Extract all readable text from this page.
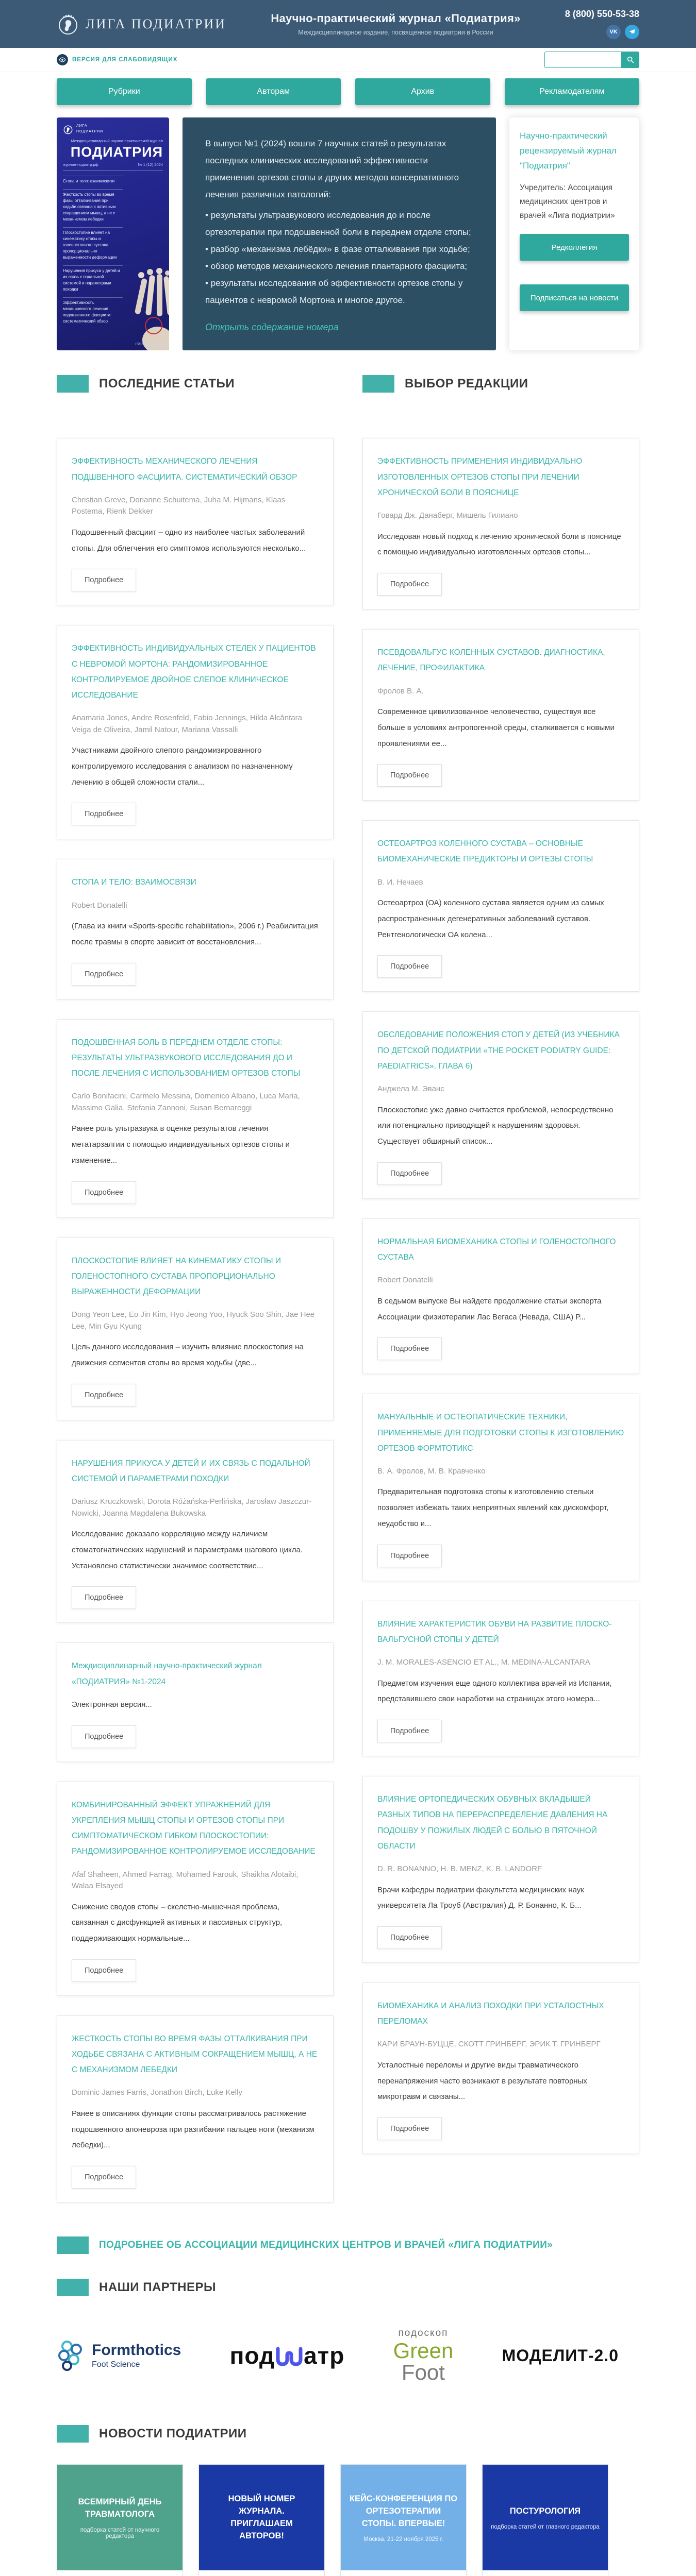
ЛИГА ПОДИАТРИИ	Научно-практический журнал «Подиатрия»
Междисциплинарное издание, посвященное подиатрии в России
8 (800) 550-53-38
VK
ВЕРСИЯ ДЛЯ СЛАБОВИДЯЩИХ
Рубрики	Авторам	Архив	Рекламодателям
ЛИГА ПОДИАТРИИ
Междисциплинарный научно-практический журнал
ПОДИАТРИЯ
журнал-подиатр.рф	№ 1 (12) 2024
Стопа и тело: взаимосвязи
Жесткость стопы во время фазы отталкивания при ходьбе связана с активным сокращением мышц, а не с механизмом лебедки
Плоскостопие влияет на кинематику стопы и голеностопного сустава пропорционально выраженности деформации
Нарушения прикуса у детей и их связь с подальной системой и параметрами походки
Эффективность механического лечения подошвенного фасциита: систематический обзор
ISSN 2309-4303

В выпуск №1 (2024) вошли 7 научных статей о результатах последних клинических исследований эффективности применения ортезов стопы и других методов консервативного лечения различных патологий:

• результаты ультразвукового исследования до и после ортезотерапии при подошвенной боли в переднем отделе стопы;
• разбор «механизма лебёдки» в фазе отталкивания при ходьбе;
• обзор методов механического лечения плантарного фасциита;
• результаты исследования об эффективности ортезов стопы у пациентов с невромой Мортона и многое другое.
Открыть содержание номера
Научно-практический рецензируемый журнал "Подиатрия"

Учредитель: Ассоциация медицинских центров и врачей «Лига подиатрии»

Редколлегия
Подписаться на новости
ПОСЛЕДНИЕ СТАТЬИ
ЭФФЕКТИВНОСТЬ МЕХАНИЧЕСКОГО ЛЕЧЕНИЯ ПОДШВЕННОГО ФАСЦИИТА. СИСТЕМАТИЧЕСКИЙ ОБЗОР

Christian Greve, Dorianne Schuitema, Juha M. Hijmans, Klaas Postema, Rienk Dekker

Подошвенный фасциит – одно из наиболее частых заболеваний стопы. Для облегчения его симптомов используются несколько...

Подробнее
ЭФФЕКТИВНОСТЬ ИНДИВИДУАЛЬНЫХ СТЕЛЕК У ПАЦИЕНТОВ С НЕВРОМОЙ МОРТОНА: РАНДОМИЗИРОВАННОЕ КОНТРОЛИРУЕМОЕ ДВОЙНОЕ СЛЕПОЕ КЛИНИЧЕСКОЕ ИССЛЕДОВАНИЕ

Anamaria Jones, Andre Rosenfeld, Fabio Jennings, Hilda Alcântara Veiga de Oliveira, Jamil Natour, Mariana Vassalli

Участниками двойного слепого рандомизированного контролируемого исследования с анализом по назначенному лечению в общей сложности стали...

Подробнее
СТОПА И ТЕЛО: ВЗАИМОСВЯЗИ

Robert Donatelli

(Глава из книги «Sports-specific rehabilitation», 2006 г.) Реабилитация после травмы в спорте зависит от восстановления...

Подробнее
ПОДОШВЕННАЯ БОЛЬ В ПЕРЕДНЕМ ОТДЕЛЕ СТОПЫ: РЕЗУЛЬТАТЫ УЛЬТРАЗВУКОВОГО ИССЛЕДОВАНИЯ ДО И ПОСЛЕ ЛЕЧЕНИЯ С ИСПОЛЬЗОВАНИЕМ ОРТЕЗОВ СТОПЫ

Carlo Bonifacini, Carmelo Messina, Domenico Albano, Luca Maria, Massimo Galia, Stefania Zannoni, Susan Bernareggi

Ранее роль ультразвука в оценке результатов лечения метатарзалгии с помощью индивидуальных ортезов стопы и изменение...

Подробнее
ПЛОСКОСТОПИЕ ВЛИЯЕТ НА КИНЕМАТИКУ СТОПЫ И ГОЛЕНОСТОПНОГО СУСТАВА ПРОПОРЦИОНАЛЬНО ВЫРАЖЕННОСТИ ДЕФОРМАЦИИ

Dong Yeon Lee, Eo Jin Kim, Hyo Jeong Yoo, Hyuck Soo Shin, Jae Hee Lee, Min Gyu Kyung

Цель данного исследования – изучить влияние плоскостопия на движения сегментов стопы во время ходьбы (две...

Подробнее
НАРУШЕНИЯ ПРИКУСА У ДЕТЕЙ И ИХ СВЯЗЬ С ПОДАЛЬНОЙ СИСТЕМОЙ И ПАРАМЕТРАМИ ПОХОДКИ

Dariusz Kruczkowski, Dorota Różańska-Perlińska, Jarosław Jaszczur-Nowicki, Joanna Magdalena Bukowska

Исследование доказало корреляцию между наличием стоматогнатических нарушений и параметрами шагового цикла. Установлено статистически значимое соответствие...

Подробнее
Междисциплинарный научно-практический журнал «ПОДИАТРИЯ» №1-2024

Электронная версия...

Подробнее
КОМБИНИРОВАННЫЙ ЭФФЕКТ УПРАЖНЕНИЙ ДЛЯ УКРЕПЛЕНИЯ МЫШЦ СТОПЫ И ОРТЕЗОВ СТОПЫ ПРИ СИМПТОМАТИЧЕСКОМ ГИБКОМ ПЛОСКОСТОПИИ: РАНДОМИЗИРОВАННОЕ КОНТРОЛИРУЕМОЕ ИССЛЕДОВАНИЕ

Afaf Shaheen, Ahmed Farrag, Mohamed Farouk, Shaikha Alotaibi, Walaa Elsayed

Снижение сводов стопы – скелетно-мышечная проблема, связанная с дисфункцией активных и пассивных структур, поддерживающих нормальные...

Подробнее
ЖЕСТКОСТЬ СТОПЫ ВО ВРЕМЯ ФАЗЫ ОТТАЛКИВАНИЯ ПРИ ХОДЬБЕ СВЯЗАНА С АКТИВНЫМ СОКРАЩЕНИЕМ МЫШЦ, А НЕ С МЕХАНИЗМОМ ЛЕБЕДКИ

Dominic James Farris, Jonathon Birch, Luke Kelly

Ранее в описаниях функции стопы рассматривалось растяжение подошвенного апоневроза при разгибании пальцев ноги (механизм лебедки)...

Подробнее
ВЫБОР РЕДАКЦИИ
ЭФФЕКТИВНОСТЬ ПРИМЕНЕНИЯ ИНДИВИДУАЛЬНО ИЗГОТОВЛЕННЫХ ОРТЕЗОВ СТОПЫ ПРИ ЛЕЧЕНИИ ХРОНИЧЕСКОЙ БОЛИ В ПОЯСНИЦЕ

Говард Дж. Данаберг, Мишель Гилиано

Исследован новый подход к лечению хронической боли в пояснице с помощью индивидуально изготовленных ортезов стопы...

Подробнее
ПСЕВДОВАЛЬГУС КОЛЕННЫХ СУСТАВОВ. ДИАГНОСТИКА, ЛЕЧЕНИЕ, ПРОФИЛАКТИКА

Фролов В. А.

Современное цивилизованное человечество, существуя все больше в условиях антропогенной среды, сталкивается с новыми проявлениями ее...

Подробнее
ОСТЕОАРТРОЗ КОЛЕННОГО СУСТАВА – ОСНОВНЫЕ БИОМЕХАНИЧЕСКИЕ ПРЕДИКТОРЫ И ОРТЕЗЫ СТОПЫ

В. И. Нечаев

Остеоартроз (ОА) коленного сустава является одним из самых распространенных дегенеративных заболеваний суставов. Рентгенологически ОА колена...

Подробнее
ОБСЛЕДОВАНИЕ ПОЛОЖЕНИЯ СТОП У ДЕТЕЙ (ИЗ УЧЕБНИКА ПО ДЕТСКОЙ ПОДИАТРИИ «THE POCKET PODIATRY GUIDE: PAEDIATRICS», ГЛАВА 6)

Анджела М. Эванс

Плоскостопие уже давно считается проблемой, непосредственно или потенциально приводящей к нарушениям здоровья. Существует обширный список...

Подробнее
НОРМАЛЬНАЯ БИОМЕХАНИКА СТОПЫ И ГОЛЕНОСТОПНОГО СУСТАВА

Robert Donatelli

В седьмом выпуске Вы найдете продолжение статьи эксперта Ассоциации физиотерапии Лас Вегаса (Невада, США) Р...

Подробнее
МАНУАЛЬНЫЕ И ОСТЕОПАТИЧЕСКИЕ ТЕХНИКИ, ПРИМЕНЯЕМЫЕ ДЛЯ ПОДГОТОВКИ СТОПЫ К ИЗГОТОВЛЕНИЮ ОРТЕЗОВ ФОРМТОТИКС

В. А. Фролов, М. В. Кравченко

Предварительная подготовка стопы к изготовлению стельки позволяет избежать таких неприятных явлений как дискомфорт, неудобство и...

Подробнее
ВЛИЯНИЕ ХАРАКТЕРИСТИК ОБУВИ НА РАЗВИТИЕ ПЛОСКО-ВАЛЬГУСНОЙ СТОПЫ У ДЕТЕЙ

J. M. MORALES-ASENCIO ET AL., M. MEDINA-ALCANTARA

Предметом изучения еще одного коллектива врачей из Испании, представившего свои наработки на страницах этого номера...

Подробнее
ВЛИЯНИЕ ОРТОПЕДИЧЕСКИХ ОБУВНЫХ ВКЛАДЫШЕЙ РАЗНЫХ ТИПОВ НА ПЕРЕРАСПРЕДЕЛЕНИЕ ДАВЛЕНИЯ НА ПОДОШВУ У ПОЖИЛЫХ ЛЮДЕЙ С БОЛЬЮ В ПЯТОЧНОЙ ОБЛАСТИ

D. R. BONANNO, H. B. MENZ, K. B. LANDORF

Врачи кафедры подиатрии факультета медицинских наук университета Ла Троуб (Австралия) Д. Р. Бонанно, К. Б...

Подробнее
БИОМЕХАНИКА И АНАЛИЗ ПОХОДКИ ПРИ УСТАЛОСТНЫХ ПЕРЕЛОМАХ

КАРИ БРАУН-БУЦЦЕ, СКОТТ ГРИНБЕРГ, ЭРИК Т. ГРИНБЕРГ

Усталостные переломы и другие виды травматического перенапряжения часто возникают в результате повторных микротравм и связаны...

Подробнее
ПОДРОБНЕЕ ОБ АССОЦИАЦИИ МЕДИЦИНСКИХ ЦЕНТРОВ И ВРАЧЕЙ «ЛИГА ПОДИАТРИИ»
НАШИ ПАРТНЕРЫ
Formthotics
Foot Science	под атр
подоскоп
Green
Foot
МОДЕЛИТ-2.0
НОВОСТИ ПОДИАТРИИ
ВСЕМИРНЫЙ ДЕНЬ ТРАВМАТОЛОГА
подборка статей от научного редактора
НОВЫЙ НОМЕР ЖУРНАЛА. ПРИГЛАШАЕМ АВТОРОВ!
КЕЙС-КОНФЕРЕНЦИЯ ПО ОРТЕЗОТЕРАПИИ СТОПЫ. ВПЕРВЫЕ!
Москва, 21-22 ноября 2025 г.
ПОСТУРОЛОГИЯ
подборка статей от главного редактора
